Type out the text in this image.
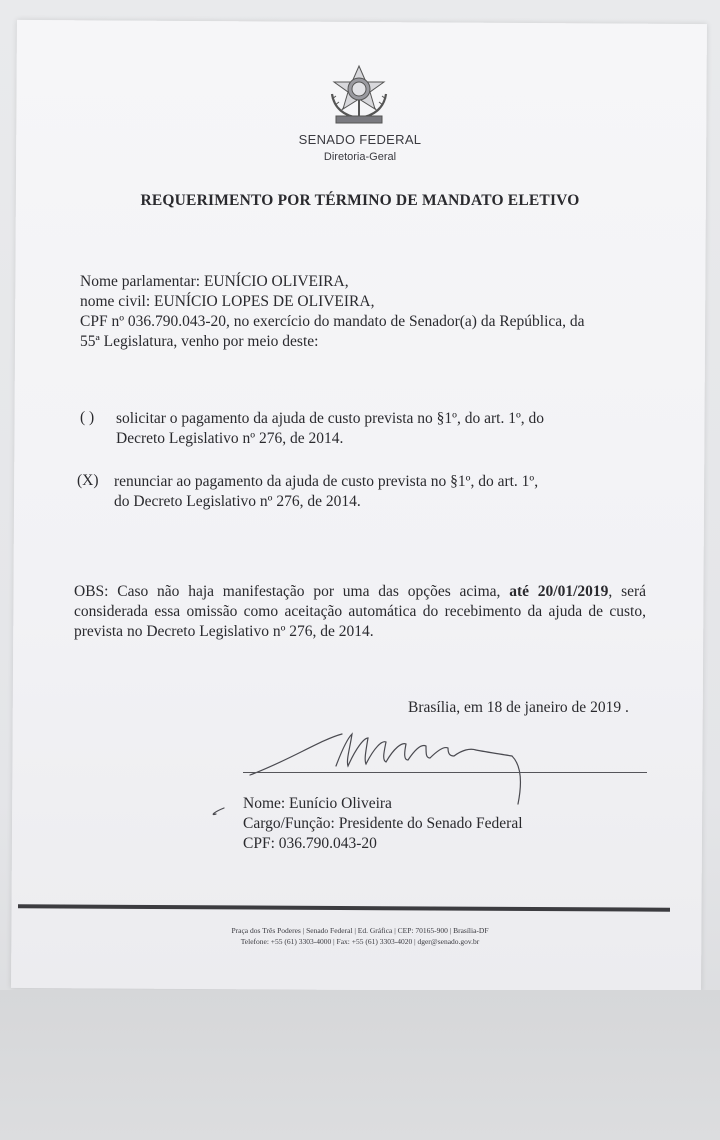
SENADO FEDERAL
Diretoria-Geral
REQUERIMENTO POR TÉRMINO DE MANDATO ELETIVO
Nome parlamentar: EUNÍCIO OLIVEIRA,
nome civil: EUNÍCIO LOPES DE OLIVEIRA,
CPF nº 036.790.043-20, no exercício do mandato de Senador(a) da República, da
55ª Legislatura, venho por meio deste:
( ) solicitar o pagamento da ajuda de custo prevista no §1º, do art. 1º, do
Decreto Legislativo nº 276, de 2014.
(X) renunciar ao pagamento da ajuda de custo prevista no §1º, do art. 1º,
do Decreto Legislativo nº 276, de 2014.
OBS: Caso não haja manifestação por uma das opções acima, até 20/01/2019, será considerada essa omissão como aceitação automática do recebimento da ajuda de custo, prevista no Decreto Legislativo nº 276, de 2014.
Brasília, em 18 de janeiro de 2019 .
Nome: Eunício Oliveira
Cargo/Função: Presidente do Senado Federal
CPF: 036.790.043-20
Praça dos Três Poderes | Senado Federal | Ed. Gráfica | CEP: 70165-900 | Brasília-DF
Telefone: +55 (61) 3303-4000 | Fax: +55 (61) 3303-4020 | dger@senado.gov.br
